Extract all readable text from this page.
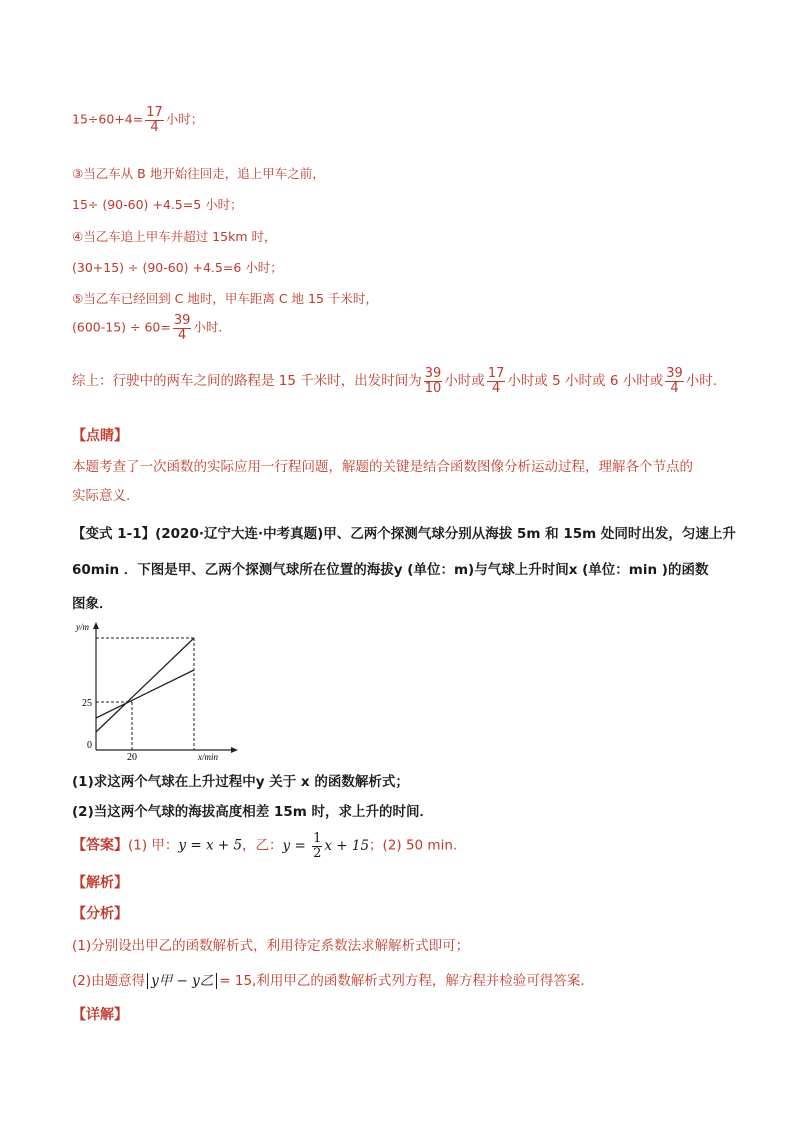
$15\div 60+4= \frac{17}{4}$ 小时；
③当乙车从 B 地开始往回走，追上甲车之前，
15÷ (90-60) +4.5=5 小时；
④当乙车追上甲车并超过 15km 时，
(30+15) ÷ (90-60) +4.5=6 小时；
⑤当乙车已经回到 C 地时，甲车距离 C 地 15 千米时，
$(600-15) \div 60= \frac{39}{4}$ 小时.
综上：行驶中的两车之间的路程是 15 千米时，出发时间为 $\frac{39}{10}$ 小时或 $\frac{17}{4}$ 小时或 5 小时或 6 小时或 $\frac{39}{4}$ 小时.
【点睛】
本题考查了一次函数的实际应用一行程问题，解题的关键是结合函数图像分析运动过程，理解各个节点的
实际意义.
【变式 1-1】(2020·辽宁大连·中考真题)甲、乙两个探测气球分别从海拔 5m 和 15m 处同时出发，匀速上升
60min ．下图是甲、乙两个探测气球所在位置的海拔y (单位：m)与气球上升时间x (单位：min )的函数
图象．
y/m
x/min
0
25
20
(1)求这两个气球在上升过程中y 关于 x 的函数解析式；
(2)当这两个气球的海拔高度相差 15m 时，求上升的时间．
【答案】(1) 甲：y = x + 5，乙：$y = \frac{1}{2}$ x + 15；(2) 50 min.
【解析】
【分析】
(1)分别设出甲乙的函数解析式，利用待定系数法求解解析式即可；
(2)由题意得 y甲 − y乙 = 15,利用甲乙的函数解析式列方程，解方程并检验可得答案．
【详解】
